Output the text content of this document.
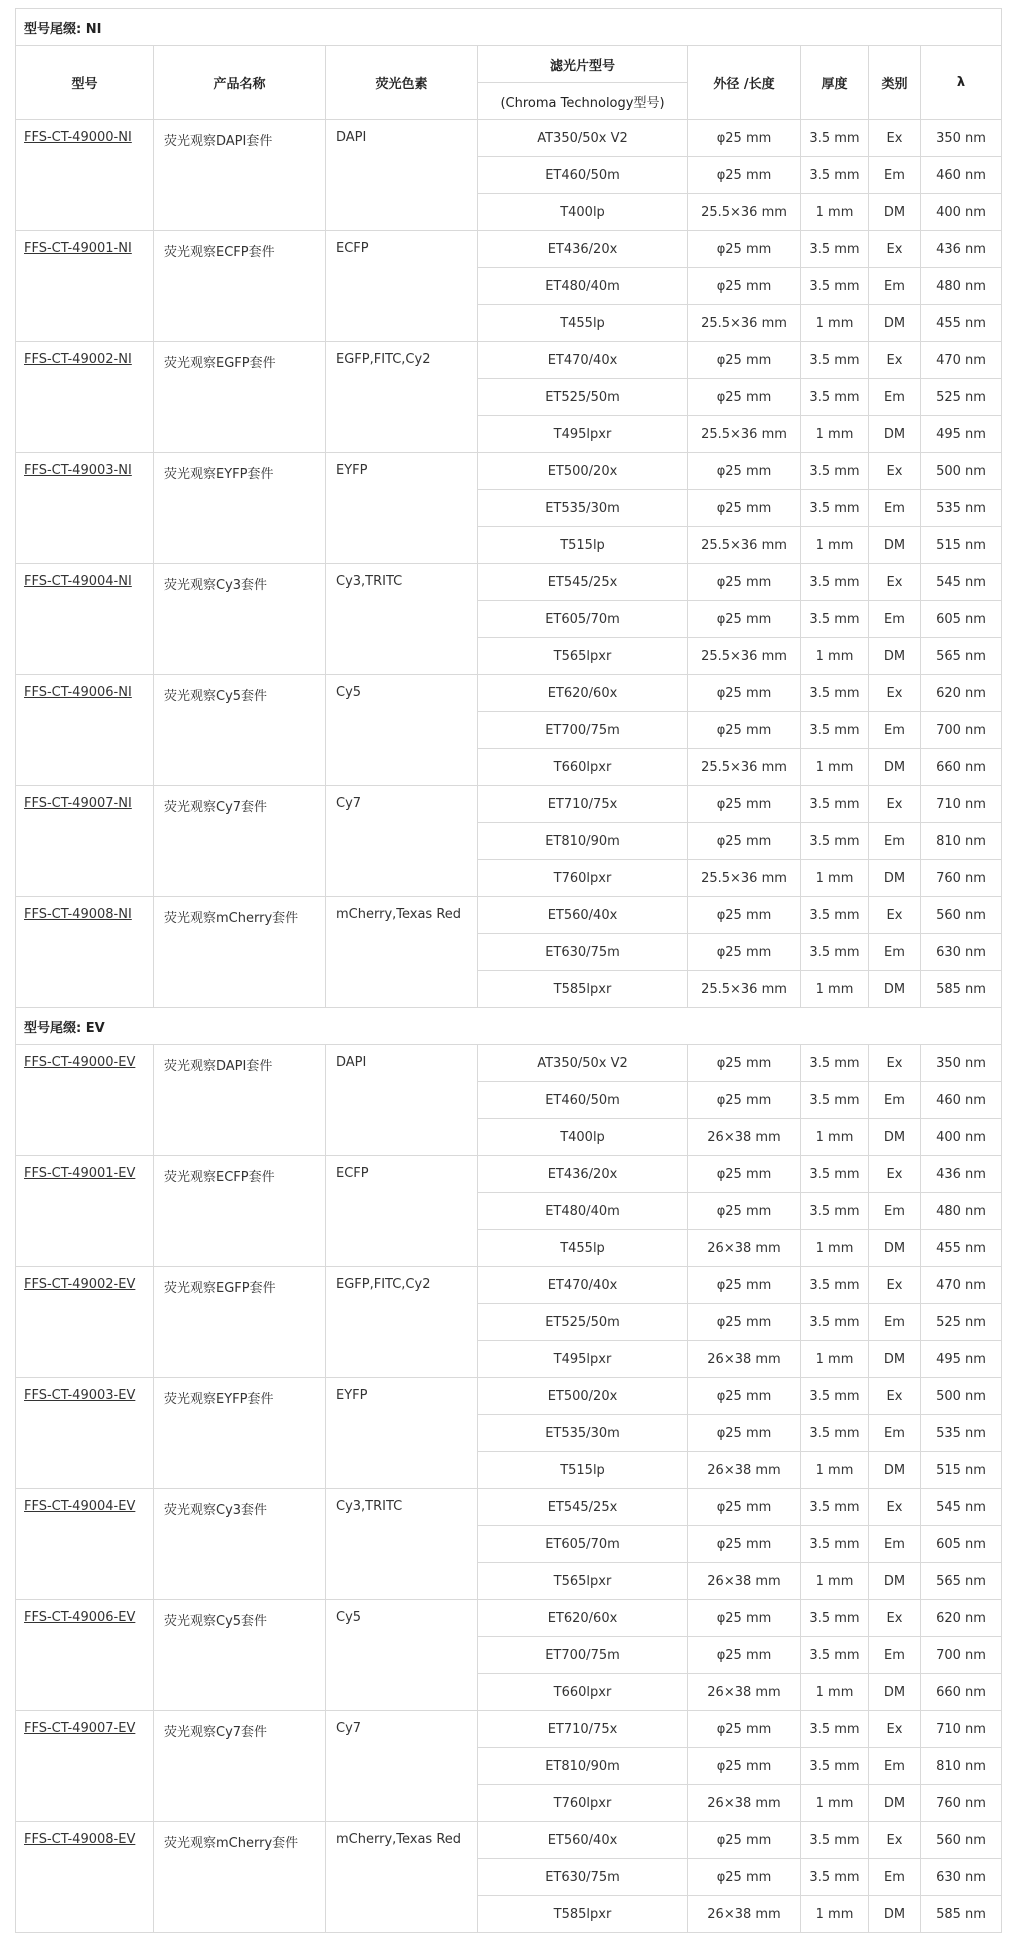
型号尾缀: NI							
型号	产品名称	荧光色素	滤光片型号	外径 /长度	厚度	类别	λ
			(Chroma Technology型号)				
FFS-CT-49000-NI	荧光观察DAPI套件	DAPI	AT350/50x V2	φ25 mm	3.5 mm	Ex	350 nm
			ET460/50m	φ25 mm	3.5 mm	Em	460 nm
			T400lp	25.5×36 mm	1 mm	DM	400 nm
FFS-CT-49001-NI	荧光观察ECFP套件	ECFP	ET436/20x	φ25 mm	3.5 mm	Ex	436 nm
			ET480/40m	φ25 mm	3.5 mm	Em	480 nm
			T455lp	25.5×36 mm	1 mm	DM	455 nm
FFS-CT-49002-NI	荧光观察EGFP套件	EGFP,FITC,Cy2	ET470/40x	φ25 mm	3.5 mm	Ex	470 nm
			ET525/50m	φ25 mm	3.5 mm	Em	525 nm
			T495lpxr	25.5×36 mm	1 mm	DM	495 nm
FFS-CT-49003-NI	荧光观察EYFP套件	EYFP	ET500/20x	φ25 mm	3.5 mm	Ex	500 nm
			ET535/30m	φ25 mm	3.5 mm	Em	535 nm
			T515lp	25.5×36 mm	1 mm	DM	515 nm
FFS-CT-49004-NI	荧光观察Cy3套件	Cy3,TRITC	ET545/25x	φ25 mm	3.5 mm	Ex	545 nm
			ET605/70m	φ25 mm	3.5 mm	Em	605 nm
			T565lpxr	25.5×36 mm	1 mm	DM	565 nm
FFS-CT-49006-NI	荧光观察Cy5套件	Cy5	ET620/60x	φ25 mm	3.5 mm	Ex	620 nm
			ET700/75m	φ25 mm	3.5 mm	Em	700 nm
			T660lpxr	25.5×36 mm	1 mm	DM	660 nm
FFS-CT-49007-NI	荧光观察Cy7套件	Cy7	ET710/75x	φ25 mm	3.5 mm	Ex	710 nm
			ET810/90m	φ25 mm	3.5 mm	Em	810 nm
			T760lpxr	25.5×36 mm	1 mm	DM	760 nm
FFS-CT-49008-NI	荧光观察mCherry套件	mCherry,Texas Red	ET560/40x	φ25 mm	3.5 mm	Ex	560 nm
			ET630/75m	φ25 mm	3.5 mm	Em	630 nm
			T585lpxr	25.5×36 mm	1 mm	DM	585 nm
型号尾缀: EV							
FFS-CT-49000-EV	荧光观察DAPI套件	DAPI	AT350/50x V2	φ25 mm	3.5 mm	Ex	350 nm
			ET460/50m	φ25 mm	3.5 mm	Em	460 nm
			T400lp	26×38 mm	1 mm	DM	400 nm
FFS-CT-49001-EV	荧光观察ECFP套件	ECFP	ET436/20x	φ25 mm	3.5 mm	Ex	436 nm
			ET480/40m	φ25 mm	3.5 mm	Em	480 nm
			T455lp	26×38 mm	1 mm	DM	455 nm
FFS-CT-49002-EV	荧光观察EGFP套件	EGFP,FITC,Cy2	ET470/40x	φ25 mm	3.5 mm	Ex	470 nm
			ET525/50m	φ25 mm	3.5 mm	Em	525 nm
			T495lpxr	26×38 mm	1 mm	DM	495 nm
FFS-CT-49003-EV	荧光观察EYFP套件	EYFP	ET500/20x	φ25 mm	3.5 mm	Ex	500 nm
			ET535/30m	φ25 mm	3.5 mm	Em	535 nm
			T515lp	26×38 mm	1 mm	DM	515 nm
FFS-CT-49004-EV	荧光观察Cy3套件	Cy3,TRITC	ET545/25x	φ25 mm	3.5 mm	Ex	545 nm
			ET605/70m	φ25 mm	3.5 mm	Em	605 nm
			T565lpxr	26×38 mm	1 mm	DM	565 nm
FFS-CT-49006-EV	荧光观察Cy5套件	Cy5	ET620/60x	φ25 mm	3.5 mm	Ex	620 nm
			ET700/75m	φ25 mm	3.5 mm	Em	700 nm
			T660lpxr	26×38 mm	1 mm	DM	660 nm
FFS-CT-49007-EV	荧光观察Cy7套件	Cy7	ET710/75x	φ25 mm	3.5 mm	Ex	710 nm
			ET810/90m	φ25 mm	3.5 mm	Em	810 nm
			T760lpxr	26×38 mm	1 mm	DM	760 nm
FFS-CT-49008-EV	荧光观察mCherry套件	mCherry,Texas Red	ET560/40x	φ25 mm	3.5 mm	Ex	560 nm
			ET630/75m	φ25 mm	3.5 mm	Em	630 nm
			T585lpxr	26×38 mm	1 mm	DM	585 nm
